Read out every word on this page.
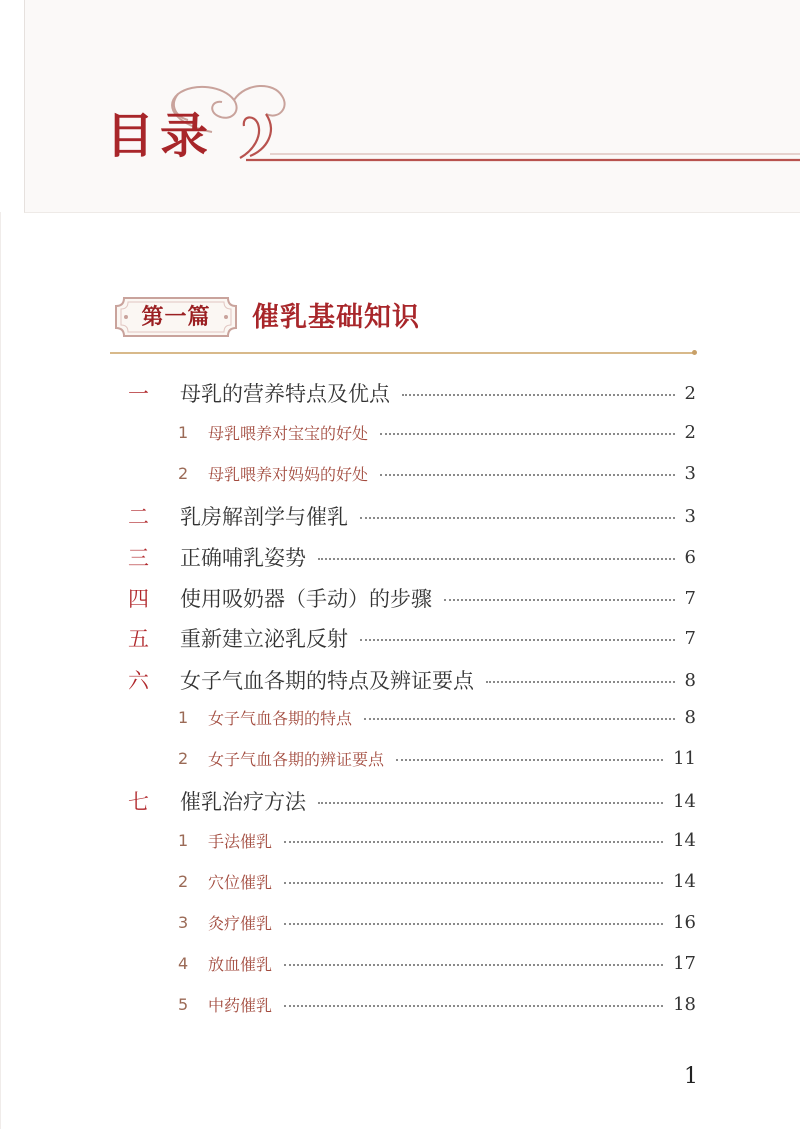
目录
第一篇	催乳基础知识
一	母乳的营养特点及优点	2
1	母乳喂养对宝宝的好处	2
2	母乳喂养对妈妈的好处	3
二	乳房解剖学与催乳	3
三	正确哺乳姿势	6
四	使用吸奶器（手动）的步骤	7
五	重新建立泌乳反射	7
六	女子气血各期的特点及辨证要点	8
1	女子气血各期的特点	8
2	女子气血各期的辨证要点	11
七	催乳治疗方法	14
1	手法催乳	14
2	穴位催乳	14
3	灸疗催乳	16
4	放血催乳	17
5	中药催乳	18
1
